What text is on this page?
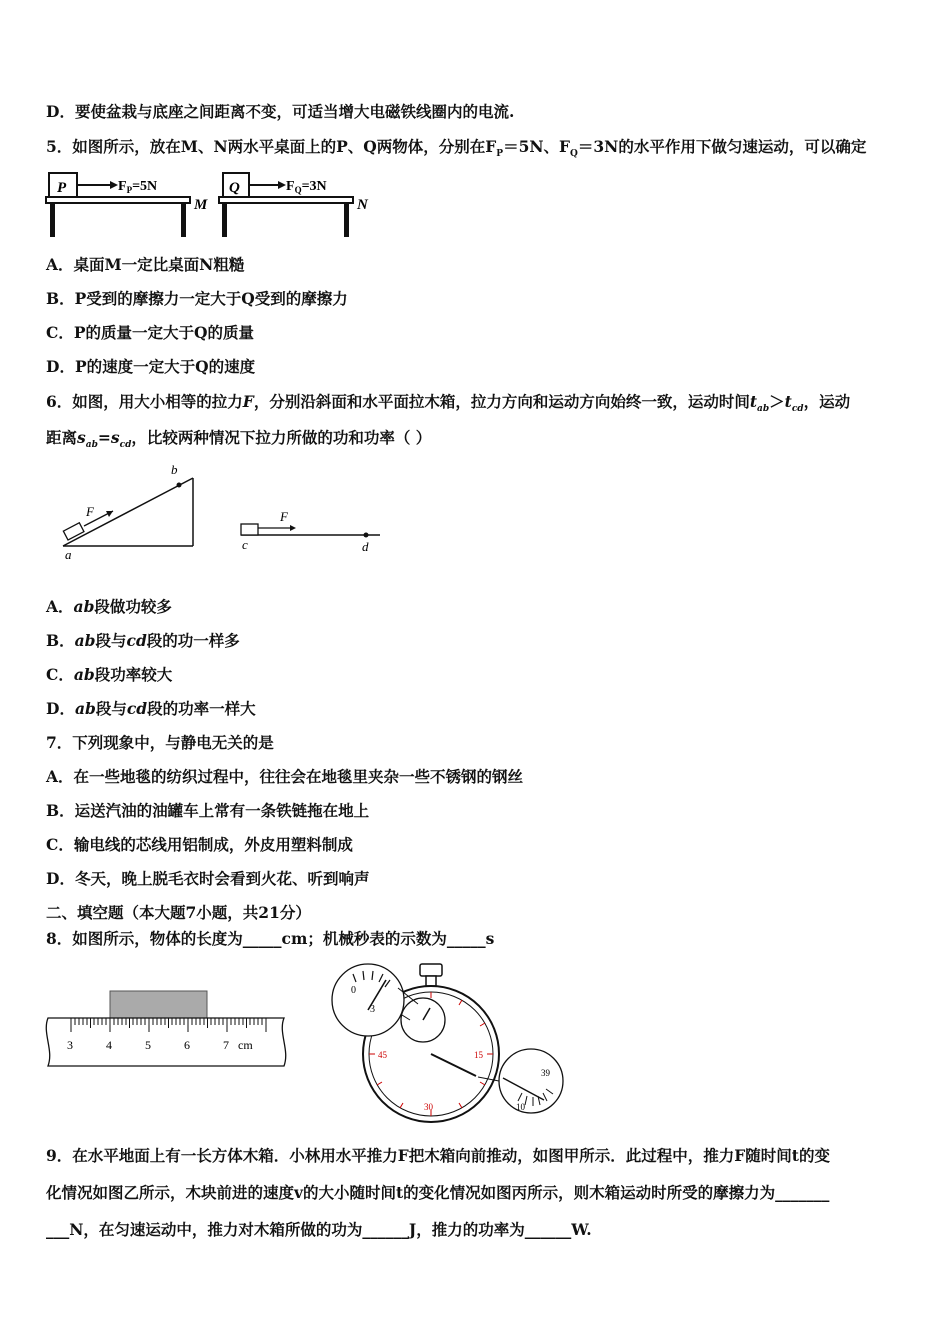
D．要使盆栽与底座之间距离不变，可适当增大电磁铁线圈内的电流.
5．如图所示，放在M、N两水平桌面上的P、Q两物体，分别在$F_P=5N$、$F_Q=3N$的水平作用下做匀速运动，可以确定
P	$F_P=5N$
M
Q	$F_Q=3N$
N
A．桌面M一定比桌面N粗糙
B．P受到的摩擦力一定大于Q受到的摩擦力
C．P的质量一定大于Q的质量
D．P的速度一定大于Q的速度
6．如图，用大小相等的拉力F，分别沿斜面和水平面拉木箱，拉力方向和运动方向始终一致，运动时间$t_{ab}>t_{cd}$，运动
距离$s_{ab}=s_{cd}$，比较两种情况下拉力所做的功和功率（ ）
F
b
a
F
c	d
A．ab段做功较多
B．ab段与cd段的功一样多
C．ab段功率较大
D．ab段与cd段的功率一样大
7．下列现象中，与静电无关的是
A．在一些地毯的纺织过程中，往往会在地毯里夹杂一些不锈钢的钢丝
B．运送汽油的油罐车上常有一条铁链拖在地上
C．输电线的芯线用铝制成，外皮用塑料制成
D．冬天，晚上脱毛衣时会看到火花、听到响声
二、填空题（本大题7小题，共21分）
8．如图所示，物体的长度为_____cm；机械秒表的示数为_____s
3	4	5	6	7 cm
30
45	15
0
3
39
10
9．在水平地面上有一长方体木箱．小林用水平推力F把木箱向前推动，如图甲所示．此过程中，推力F随时间t的变
化情况如图乙所示，木块前进的速度v的大小随时间t的变化情况如图丙所示，则木箱运动时所受的摩擦力为_______
___N，在匀速运动中，推力对木箱所做的功为______J，推力的功率为______W.
